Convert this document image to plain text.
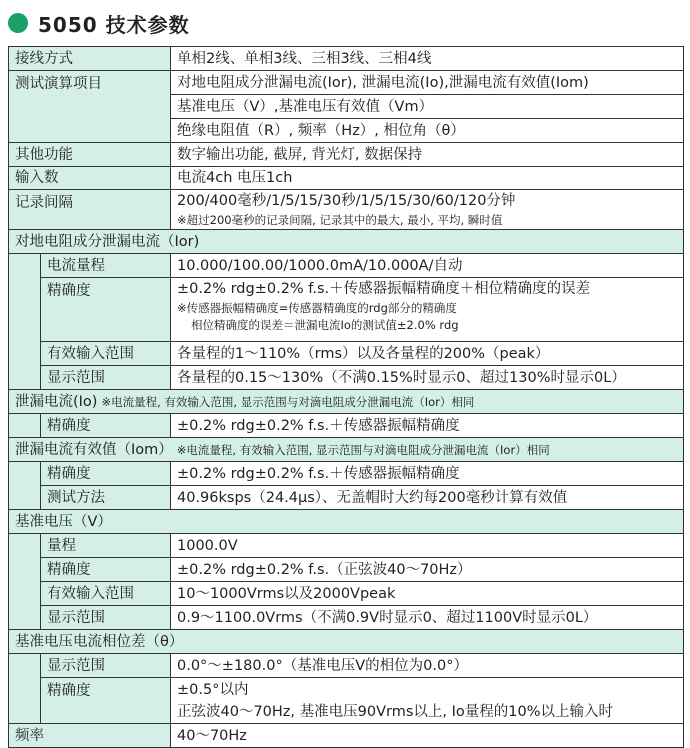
5050 技术参数
接线方式		单相2线、单相3线、三相3线、三相4线
测试演算项目		对地电阻成分泄漏电流(Ior), 泄漏电流(Io),泄漏电流有效值(Iom)
		基准电压（V）,基准电压有效值（Vm）
		绝缘电阻值（R）, 频率（Hz）, 相位角（θ）
其他功能		数字输出功能, 截屏, 背光灯, 数据保持
输入数		电流4ch 电压1ch
记录间隔		200/400毫秒/1/5/15/30秒/1/5/15/30/60/120分钟
※超过200毫秒的记录间隔, 记录其中的最大, 最小, 平均, 瞬时值

对地电阻成分泄漏电流（Ior)		
	电流量程	10.000/100.00/1000.0mA/10.000A/自动
	精确度	±0.2% rdg±0.2% f.s.＋传感器振幅精确度＋相位精确度的误差
※传感器振幅精确度=传感器精确度的rdg部分的精确度
相位精确度的误差＝泄漏电流Io的测试值±2.0% rdg

	有效输入范围	各量程的1～110%（rms）以及各量程的200%（peak）
	显示范围	各量程的0.15～130%（不满0.15%时显示0、超过130%时显示0L）
泄漏电流(Io) ※电流量程, 有效输入范围, 显示范围与对滴电阻成分泄漏电流（Ior）相同		
	精确度	±0.2% rdg±0.2% f.s.＋传感器振幅精确度
泄漏电流有效值（Iom） ※电流量程, 有效输入范围, 显示范围与对滴电阻成分泄漏电流（Ior）相同		
	精确度	±0.2% rdg±0.2% f.s.＋传感器振幅精确度
	测试方法	40.96ksps（24.4μs）、无盖帽时大约每200毫秒计算有效值
基准电压（V）		
	量程	1000.0V
	精确度	±0.2% rdg±0.2% f.s.（正弦波40～70Hz）
	有效输入范围	10～1000Vrms以及2000Vpeak
	显示范围	0.9～1100.0Vrms（不满0.9V时显示0、超过1100V时显示0L）
基准电压电流相位差（θ）		
	显示范围	0.0°～±180.0°（基准电压V的相位为0.0°）
	精确度	±0.5°以内
正弦波40～70Hz, 基准电压90Vrms以上, Io量程的10%以上输入时

频率		40～70Hz
